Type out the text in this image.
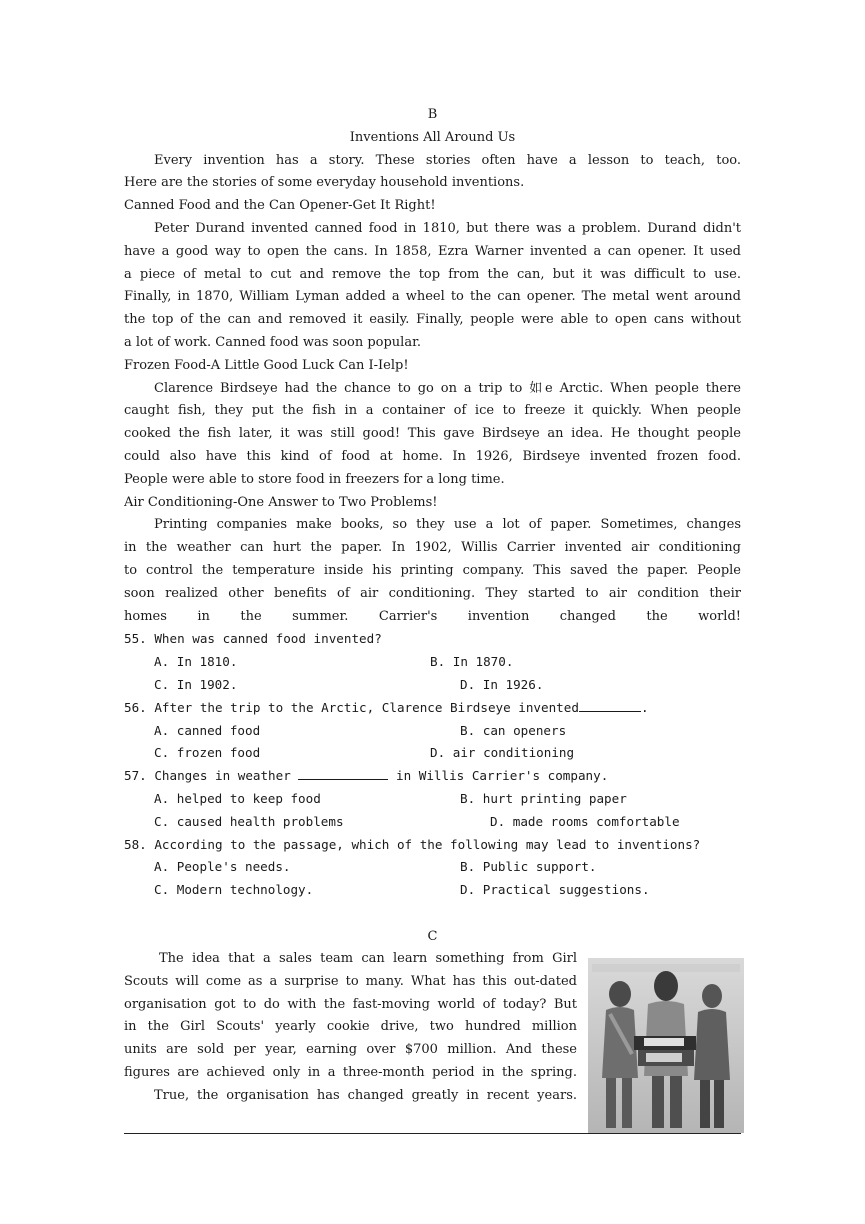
B
Inventions All Around Us
Every invention has a story. These stories often have a lesson to teach, too.
Here are the stories of some everyday household inventions.
Canned Food and the Can Opener-Get It Right!
Peter Durand invented canned food in 1810, but there was a problem. Durand didn't
have a good way to open the cans. In 1858, Ezra Warner invented a can opener. It used
a piece of metal to cut and remove the top from the can, but it was difficult to use.
Finally, in 1870, William Lyman added a wheel to the can opener. The metal went around
the top of the can and removed it easily. Finally, people were able to open cans without
a lot of work. Canned food was soon popular.
Frozen Food-A Little Good Luck Can I-Ielp!
Clarence Birdseye had the chance to go on a trip to 如e Arctic. When people there
caught fish, they put the fish in a container of ice to freeze it quickly. When people
cooked the fish later, it was still good! This gave Birdseye an idea. He thought people
could also have this kind of food at home. In 1926, Birdseye invented frozen food.
People were able to store food in freezers for a long time.
Air Conditioning-One Answer to Two Problems!
Printing companies make books, so they use a lot of paper. Sometimes, changes
in the weather can hurt the paper. In 1902, Willis Carrier invented air conditioning
to control the temperature inside his printing company. This saved the paper. People
soon realized other benefits of air conditioning. They started to air condition their
homes in the summer. Carrier's invention changed the world!
55. When was canned food invented?
A. In 1810.	B. In 1870.
C. In 1902.	D. In 1926.
56. After the trip to the Arctic, Clarence Birdseye invented	.
A. canned food	B. can openers
C. frozen food	D. air conditioning
57. Changes in weather	in Willis Carrier's company.
A. helped to keep food	B. hurt printing paper
C. caused health problems	D. made rooms comfortable
58. According to the passage, which of the following may lead to inventions?
A. People's needs.	B. Public support.
C. Modern technology.	D. Practical suggestions.
C
The idea that a sales team can learn something from Girl
Scouts will come as a surprise to many. What has this out-dated
organisation got to do with the fast-moving world of today? But
in the Girl Scouts' yearly cookie drive, two hundred million
units are sold per year, earning over $700 million. And these
figures are achieved only in a three-month period in the spring.
True, the organisation has changed greatly in recent years.
